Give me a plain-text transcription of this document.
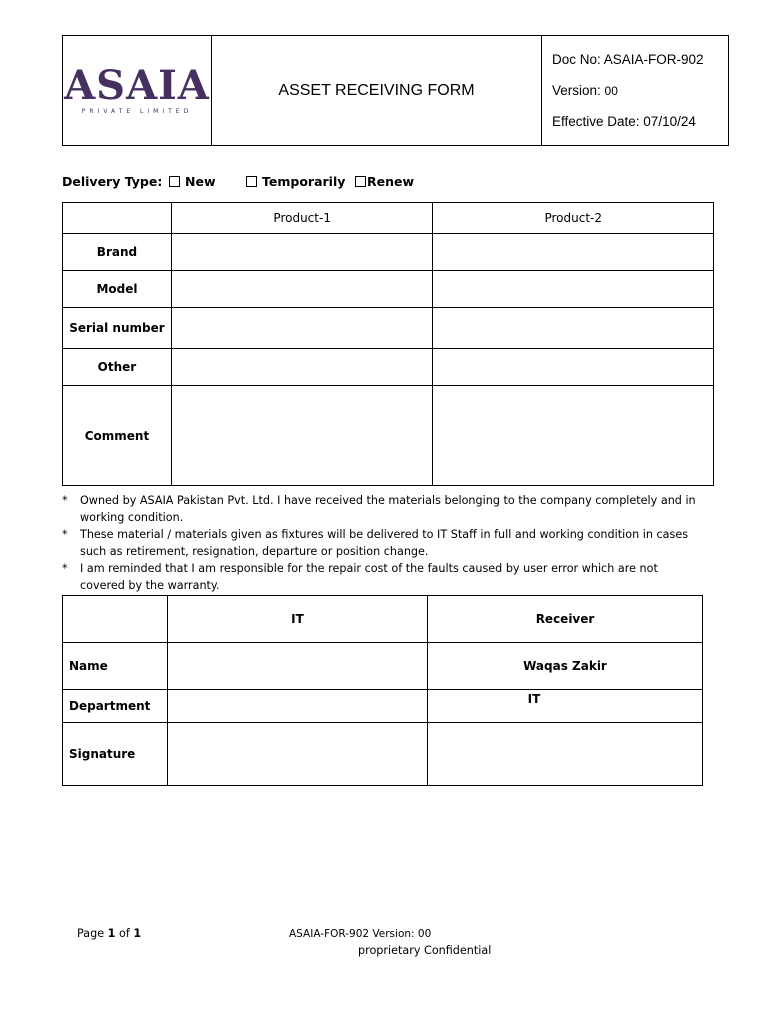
ASAIA
PRIVATE LIMITED
	ASSET RECEIVING FORM	
Doc No: ASAIA-FOR-902
Version: 00
Effective Date: 07/10/24
Delivery Type: New	Temporarily Renew
	Product-1	Product-2
Brand		
Model		
Serial number		
Other		
Comment		
* Owned by ASAIA Pakistan Pvt. Ltd. I have received the materials belonging to the company completely and in working condition.
* These material / materials given as fixtures will be delivered to IT Staff in full and working condition in cases such as retirement, resignation, departure or position change.
* I am reminded that I am responsible for the repair cost of the faults caused by user error which are not covered by the warranty.
	IT	Receiver
Name		Waqas Zakir
Department		IT
Signature		
Page 1 of 1	ASAIA-FOR-902 Version: 00
proprietary Confidential
